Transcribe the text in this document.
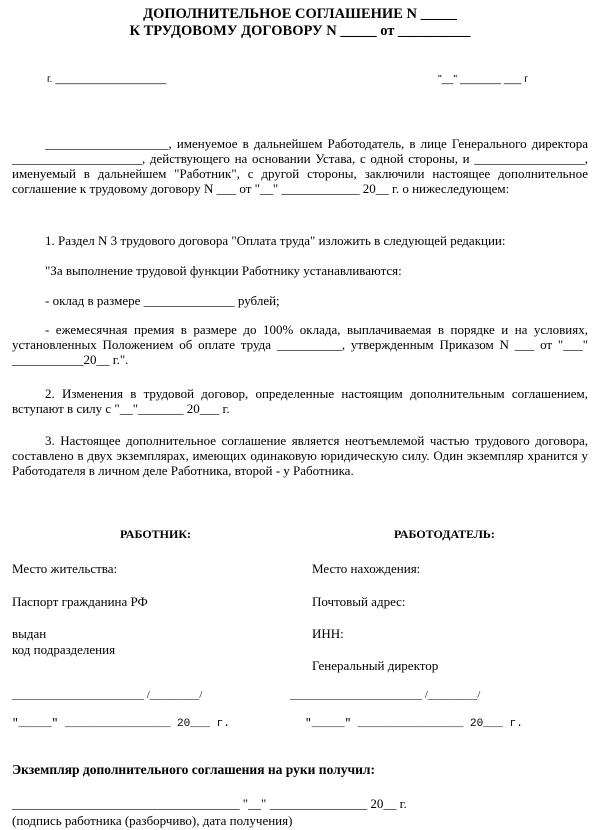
ДОПОЛНИТЕЛЬНОЕ СОГЛАШЕНИЕ N _____
К ТРУДОВОМУ ДОГОВОРУ N _____ от __________
г. ___________________	"__" _______ ___ г
___________________, именуемое в дальнейшем Работодатель, в лице Генерального директора ____________________, действующего на основании Устава, с одной стороны, и _________________, именуемый в дальнейшем "Работник", с другой стороны, заключили настоящее дополнительное соглашение к трудовому договору N ___ от "__" ____________ 20__ г. о нижеследующем:
1. Раздел N 3 трудового договора "Оплата труда" изложить в следующей редакции:
"За выполнение трудовой функции Работнику устанавливаются:
- оклад в размере ______________ рублей;
- ежемесячная премия в размере до 100% оклада, выплачиваемая в порядке и на условиях, установленных Положением об оплате труда __________, утвержденным Приказом N ___ от "___" ___________20__ г.".
2. Изменения в трудовой договор, определенные настоящим дополнительным соглашением, вступают в силу с "__"_______ 20___ г.
3. Настоящее дополнительное соглашение является неотъемлемой частью трудового договора, составлено в двух экземплярах, имеющих одинаковую юридическую силу. Один экземпляр хранится у Работодателя в личном деле Работника, второй - у Работника.
РАБОТНИК:	РАБОТОДАТЕЛЬ:
Место жительства:
Паспорт гражданина РФ
выдан
код подразделения
________________________ /_________/
"_____" ________________ 20___ г.
Место нахождения:
Почтовый адрес:
ИНН:
Генеральный директор
________________________ /_________/
"_____" ________________ 20___ г.
Экземпляр дополнительного соглашения на руки получил:
___________________________________ "__" _______________ 20__ г.
(подпись работника (разборчиво), дата получения)
